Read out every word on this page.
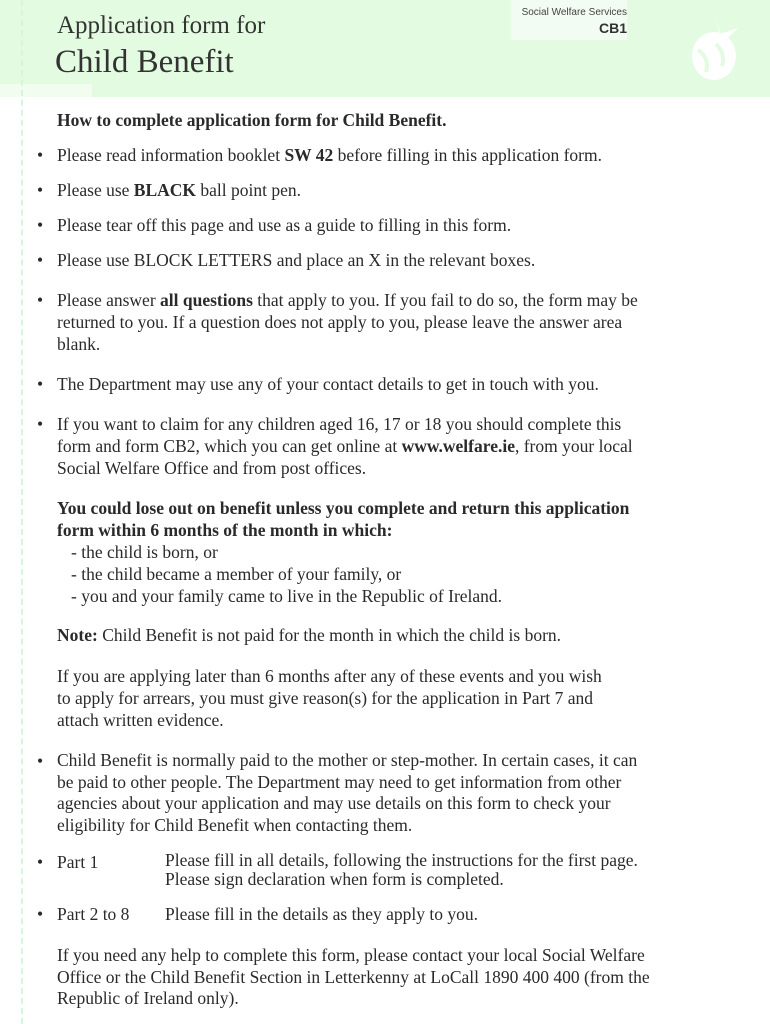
Application form for
Child Benefit
Social Welfare Services
CB1
How to complete application form for Child Benefit.
• Please read information booklet SW 42 before filling in this application form.
• Please use BLACK ball point pen.
• Please tear off this page and use as a guide to filling in this form.
• Please use BLOCK LETTERS and place an X in the relevant boxes.
• Please answer all questions that apply to you. If you fail to do so, the form may be
returned to you. If a question does not apply to you, please leave the answer area
blank.
• The Department may use any of your contact details to get in touch with you.
• If you want to claim for any children aged 16, 17 or 18 you should complete this
form and form CB2, which you can get online at www.welfare.ie, from your local
Social Welfare Office and from post offices.
You could lose out on benefit unless you complete and return this application
form within 6 months of the month in which:
- the child is born, or
- the child became a member of your family, or
- you and your family came to live in the Republic of Ireland.
Note: Child Benefit is not paid for the month in which the child is born.
If you are applying later than 6 months after any of these events and you wish
to apply for arrears, you must give reason(s) for the application in Part 7 and
attach written evidence.
• Child Benefit is normally paid to the mother or step-mother. In certain cases, it can
be paid to other people. The Department may need to get information from other
agencies about your application and may use details on this form to check your
eligibility for Child Benefit when contacting them.
• Part 1	Please fill in all details, following the instructions for the first page.
Please sign declaration when form is completed.
• Part 2 to 8 Please fill in the details as they apply to you.
If you need any help to complete this form, please contact your local Social Welfare
Office or the Child Benefit Section in Letterkenny at LoCall 1890 400 400 (from the
Republic of Ireland only).
